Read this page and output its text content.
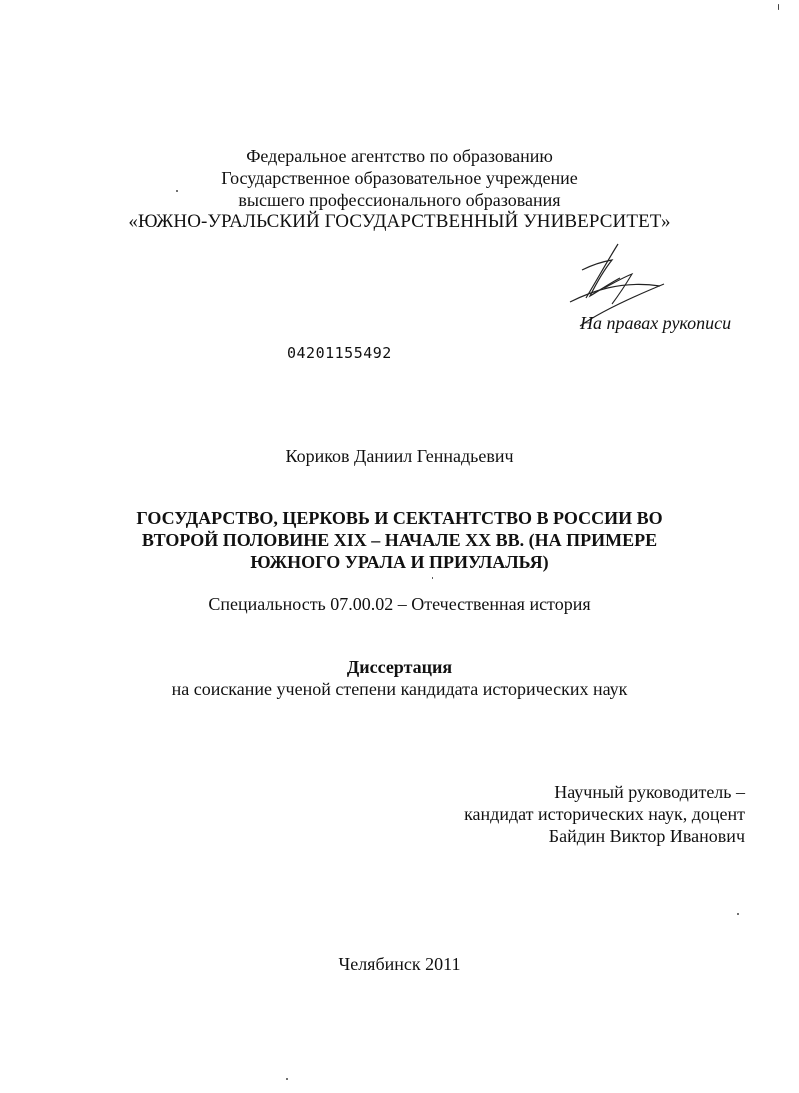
Федеральное агентство по образованию
Государственное образовательное учреждение
высшего профессионального образования
«ЮЖНО-УРАЛЬСКИЙ ГОСУДАРСТВЕННЫЙ УНИВЕРСИТЕТ»
На правах рукописи
04201155492
Кориков Даниил Геннадьевич
ГОСУДАРСТВО, ЦЕРКОВЬ И СЕКТАНТСТВО В РОССИИ ВО
ВТОРОЙ ПОЛОВИНЕ XIX – НАЧАЛЕ XX ВВ. (НА ПРИМЕРЕ
ЮЖНОГО УРАЛА И ПРИУЛАЛЬЯ)
Специальность 07.00.02 – Отечественная история
Диссертация
на соискание ученой степени кандидата исторических наук
Научный руководитель –
кандидат исторических наук, доцент
Байдин Виктор Иванович
Челябинск 2011
